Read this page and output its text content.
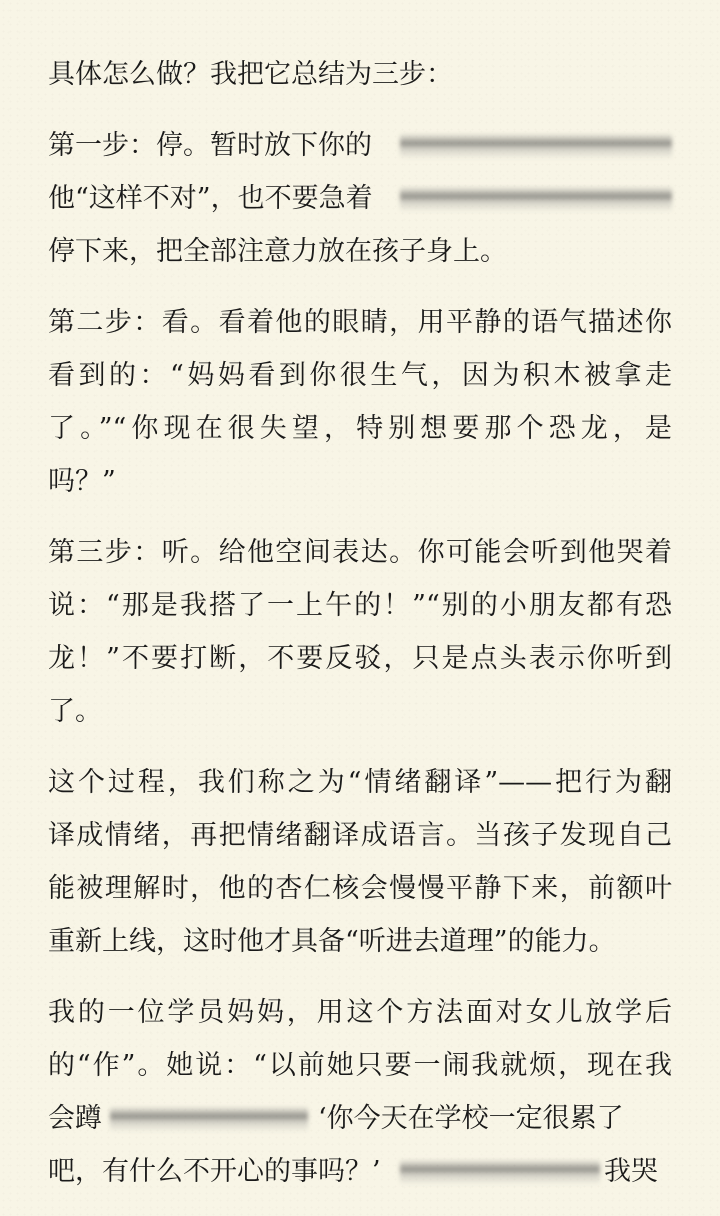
具体怎么做？我把它总结为三步：
第一步：停。暂时放下你的
他“这样不对”，也不要急着
停下来，把全部注意力放在孩子身上。
第二步：看。看着他的眼睛，用平静的语气描述你
看到的：“妈妈看到你很生气，因为积木被拿走
了。”“你现在很失望，特别想要那个恐龙，是
吗？”
第三步：听。给他空间表达。你可能会听到他哭着
说：“那是我搭了一上午的！”“别的小朋友都有恐
龙！”不要打断，不要反驳，只是点头表示你听到
了。
这个过程，我们称之为“情绪翻译”——把行为翻
译成情绪，再把情绪翻译成语言。当孩子发现自己
能被理解时，他的杏仁核会慢慢平静下来，前额叶
重新上线，这时他才具备“听进去道理”的能力。
我的一位学员妈妈，用这个方法面对女儿放学后
的“作”。她说：“以前她只要一闹我就烦，现在我
会蹲	‘你今天在学校一定很累了
吧，有什么不开心的事吗？’	我哭
